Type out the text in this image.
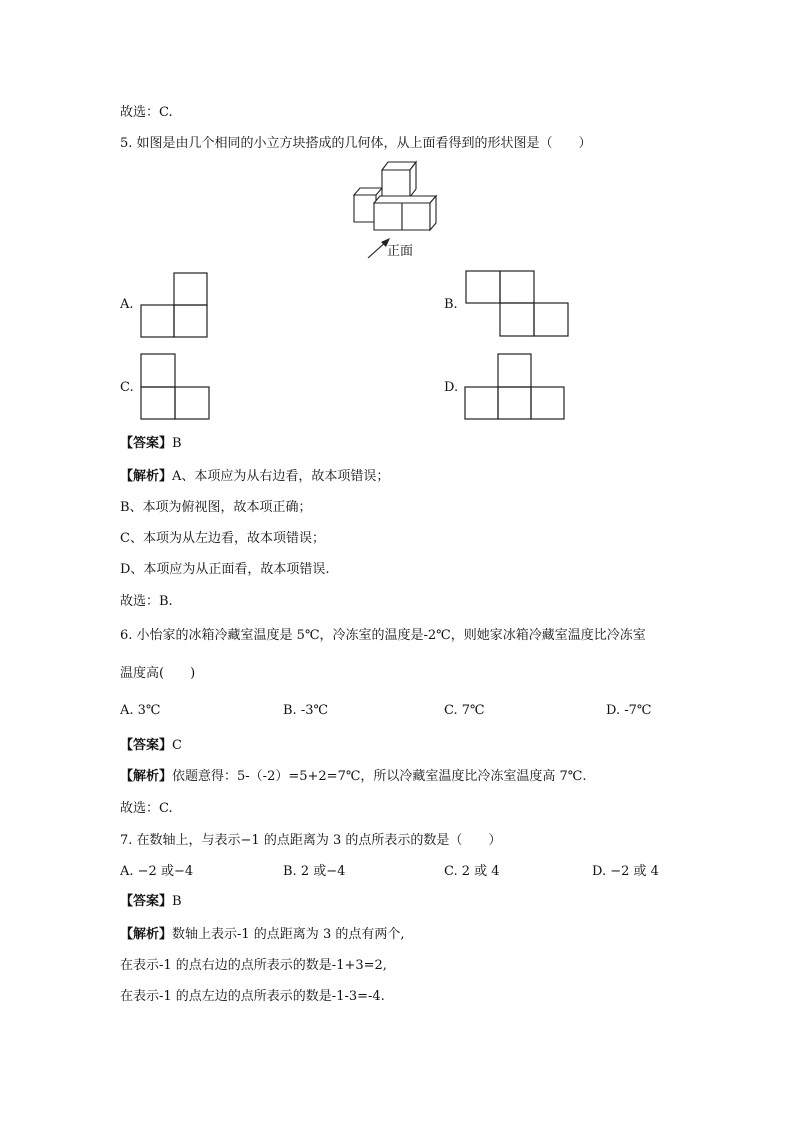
故选：C.
5. 如图是由几个相同的小立方块搭成的几何体，从上面看得到的形状图是（　　）
正面
A.	B.
C.	D.
【答案】B
【解析】A、本项应为从右边看，故本项错误；
B、本项为俯视图，故本项正确；
C、本项为从左边看，故本项错误；
D、本项应为从正面看，故本项错误.
故选：B.
6. 小怡家的冰箱冷藏室温度是 5℃，冷冻室的温度是-2℃，则她家冰箱冷藏室温度比冷冻室
温度高(　　)
A. 3℃	B. -3℃	C. 7℃	D. -7℃
【答案】C
【解析】依题意得：5-（-2）=5+2=7℃，所以冷藏室温度比冷冻室温度高 7℃.
故选：C.
7. 在数轴上，与表示−1 的点距离为 3 的点所表示的数是（　　）
A. −2 或−4	B. 2 或−4	C. 2 或 4	D. −2 或 4
【答案】B
【解析】数轴上表示-1 的点距离为 3 的点有两个,
在表示-1 的点右边的点所表示的数是-1+3=2,
在表示-1 的点左边的点所表示的数是-1-3=-4.
